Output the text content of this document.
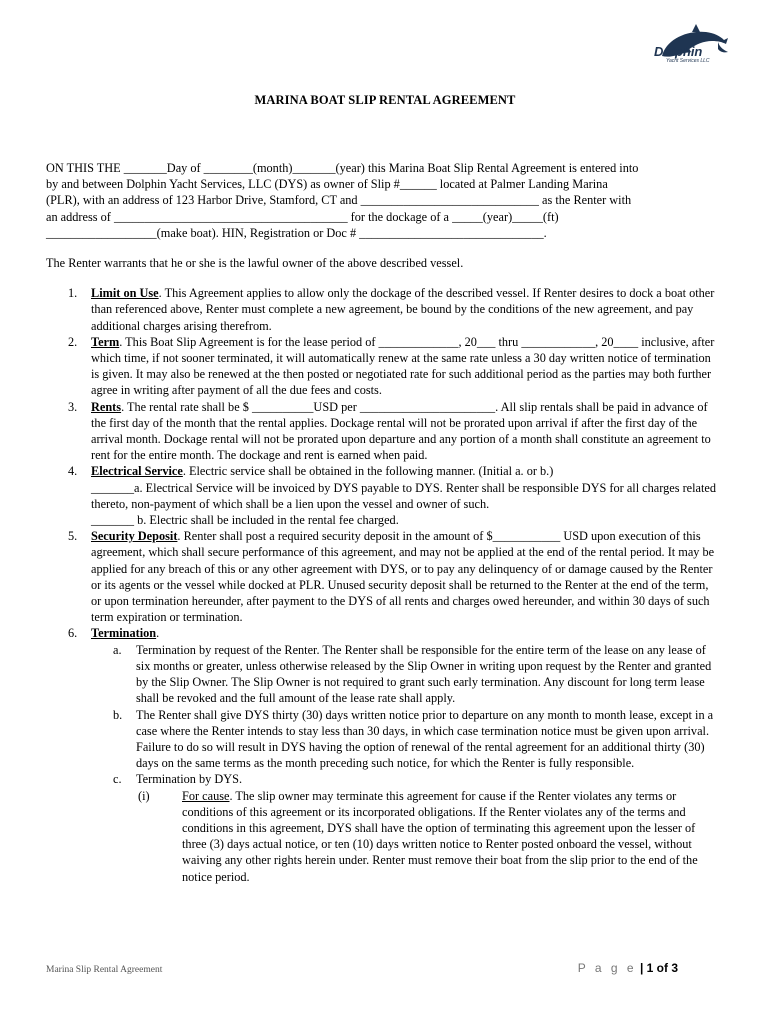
Dolphin
Yacht Services LLC
MARINA BOAT SLIP RENTAL AGREEMENT
ON THIS THE _______Day of ________(month)_______(year) this Marina Boat Slip Rental Agreement is entered into
by and between Dolphin Yacht Services, LLC (DYS) as owner of Slip #______ located at Palmer Landing Marina
(PLR), with an address of 123 Harbor Drive, Stamford, CT and _____________________________ as the Renter with
an address of ______________________________________ for the dockage of a _____(year)_____(ft)
__________________(make boat). HIN, Registration or Doc # ______________________________.
The Renter warrants that he or she is the lawful owner of the above described vessel.
1. Limit on Use. This Agreement applies to allow only the dockage of the described vessel. If Renter desires to dock a boat other than referenced above, Renter must complete a new agreement, be bound by the conditions of the new agreement, and pay additional charges arising therefrom.
2. Term. This Boat Slip Agreement is for the lease period of _____________, 20___ thru ____________, 20____ inclusive, after which time, if not sooner terminated, it will automatically renew at the same rate unless a 30 day written notice of termination is given. It may also be renewed at the then posted or negotiated rate for such additional period as the parties may both further agree in writing after payment of all the due fees and costs.
3. Rents. The rental rate shall be $ __________USD per ______________________. All slip rentals shall be paid in advance of the first day of the month that the rental applies. Dockage rental will not be prorated upon arrival if after the first day of the arrival month. Dockage rental will not be prorated upon departure and any portion of a month shall constitute an agreement to rent for the entire month. The dockage and rent is earned when paid.
4. Electrical Service. Electric service shall be obtained in the following manner. (Initial a. or b.)
_______a. Electrical Service will be invoiced by DYS payable to DYS. Renter shall be responsible DYS for all charges related thereto, non-payment of which shall be a lien upon the vessel and owner of such.
_______ b. Electric shall be included in the rental fee charged.
5. Security Deposit. Renter shall post a required security deposit in the amount of $___________ USD upon execution of this agreement, which shall secure performance of this agreement, and may not be applied at the end of the rental period. It may be applied for any breach of this or any other agreement with DYS, or to pay any delinquency of or damage caused by the Renter or its agents or the vessel while docked at PLR. Unused security deposit shall be returned to the Renter at the end of the term, or upon termination hereunder, after payment to the DYS of all rents and charges owed hereunder, and within 30 days of such term expiration or termination.
6. Termination.
a. Termination by request of the Renter. The Renter shall be responsible for the entire term of the lease on any lease of six months or greater, unless otherwise released by the Slip Owner in writing upon request by the Renter and granted by the Slip Owner. The Slip Owner is not required to grant such early termination. Any discount for long term lease shall be revoked and the full amount of the lease rate shall apply.
b. The Renter shall give DYS thirty (30) days written notice prior to departure on any month to month lease, except in a case where the Renter intends to stay less than 30 days, in which case termination notice must be given upon arrival. Failure to do so will result in DYS having the option of renewal of the rental agreement for an additional thirty (30) days on the same terms as the month preceding such notice, for which the Renter is fully responsible.
c. Termination by DYS.
(i)	For cause. The slip owner may terminate this agreement for cause if the Renter violates any terms or conditions of this agreement or its incorporated obligations. If the Renter violates any of the terms and conditions in this agreement, DYS shall have the option of terminating this agreement upon the lesser of three (3) days actual notice, or ten (10) days written notice to Renter posted onboard the vessel, without waiving any other rights herein under. Renter must remove their boat from the slip prior to the end of the notice period.
Marina Slip Rental Agreement	P a g e | 1 of 3
